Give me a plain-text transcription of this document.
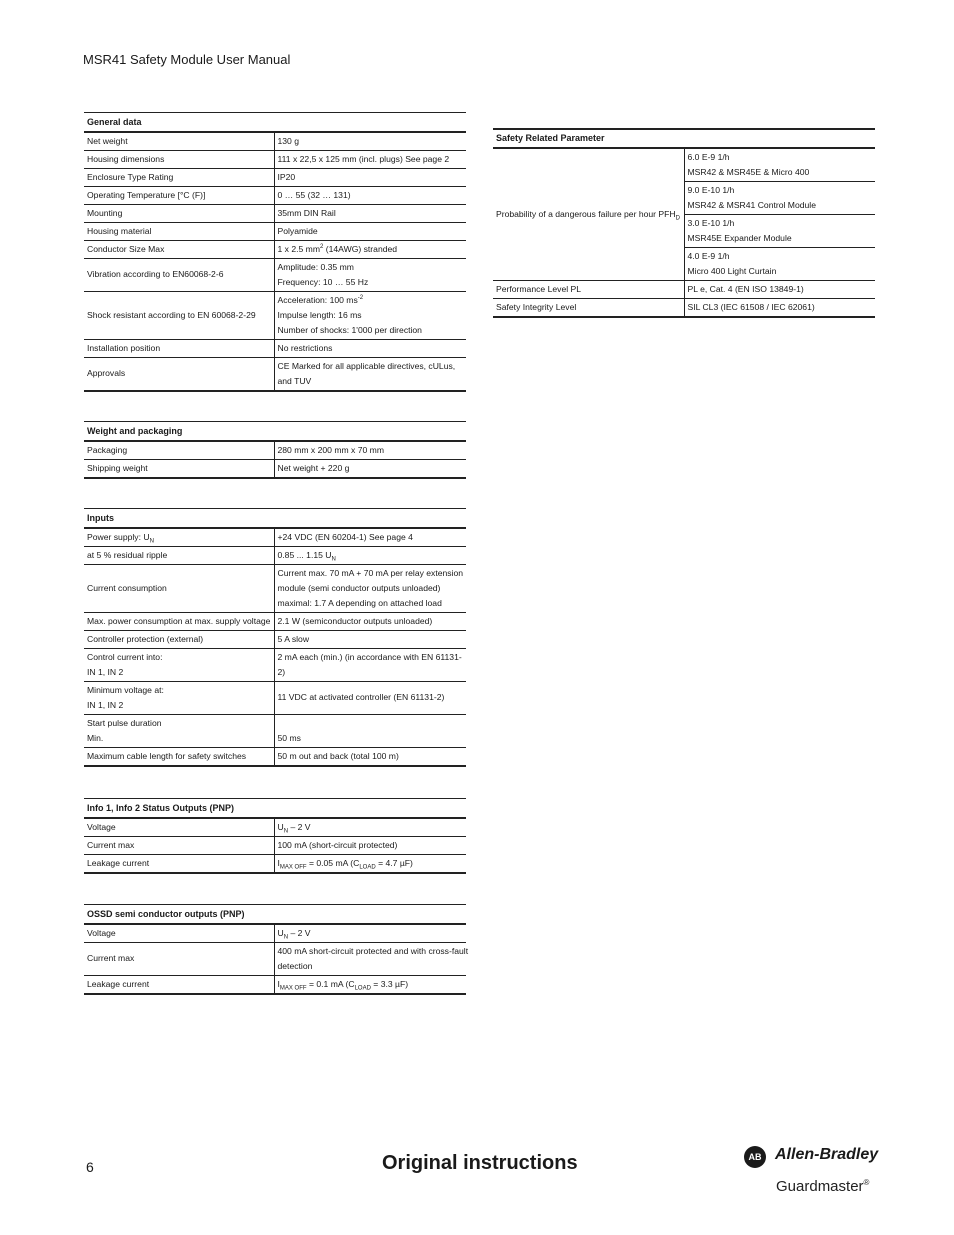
MSR41 Safety Module User Manual
General data	

Net weight	130 g

Housing dimensions	111 x 22,5 x 125 mm (incl. plugs) See page 2

Enclosure Type Rating	IP20

Operating Temperature [°C (F)]	0 … 55 (32 … 131)

Mounting	35mm DIN Rail

Housing material	Polyamide

Conductor Size Max	1 x 2.5 $mm^2$ (14AWG) stranded

Vibration according to EN60068-2-6	Amplitude: 0.35 mm
Frequency: 10 … 55 Hz

Shock resistant according to EN 60068-2-29	Acceleration: 100 $ms^{-2}$
Impulse length: 16 ms
Number of shocks: 1'000 per direction

Installation position	No restrictions

Approvals	CE Marked for all applicable directives, cULus,
and TUV
Weight and packaging	

Packaging	280 mm x 200 mm x 70 mm

Shipping weight	Net weight + 220 g
Inputs	
Power supply: $U_N$	+24 VDC (EN 60204-1) See page 4
at 5 % residual ripple	0.85 ... 1.15 $U_N$
Current consumption	Current max. 70 mA + 70 mA per relay extension
module (semi conductor outputs unloaded)
maximal: 1.7 A depending on attached load

Max. power consumption at max. supply voltage	2.1 W (semiconductor outputs unloaded)
Controller protection (external)	5 A slow

Control current into:
IN 1, IN 2	2 mA each (min.) (in accordance with EN 61131-2)

Minimum voltage at:
IN 1, IN 2	11 VDC at activated controller (EN 61131-2)

Start pulse duration
Min.	50 ms
Maximum cable length for safety switches	50 m out and back (total 100 m)
Info 1, Info 2 Status Outputs (PNP)	
Voltage	$U_N - 2$ V
Current max	100 mA (short-circuit protected)
Leakage current	$I_{MAX OFF} = 0.05$ mA ($C_{LOAD} = 4.7$ µF)
OSSD semi conductor outputs (PNP)	
Voltage	$U_N - 2$ V
Current max	400 mA short-circuit protected and with cross-fault
detection

Leakage current	$I_{MAX OFF} = 0.1$ mA ($C_{LOAD} = 3.3$ µF)
Safety Related Parameter	
Probability of a dangerous failure per hour $PFH_D$	6.0 E-9 1/h
MSR42 & MSR45E & Micro 400

	9.0 E-10 1/h
MSR42 & MSR41 Control Module

	3.0 E-10 1/h
MSR45E Expander Module

	4.0 E-9 1/h
Micro 400 Light Curtain

Performance Level PL	PL e, Cat. 4 (EN ISO 13849-1)
Safety Integrity Level	SIL CL3 (IEC 61508 / IEC 62061)
6	Original instructions	AB Allen-Bradley
Guardmaster®
